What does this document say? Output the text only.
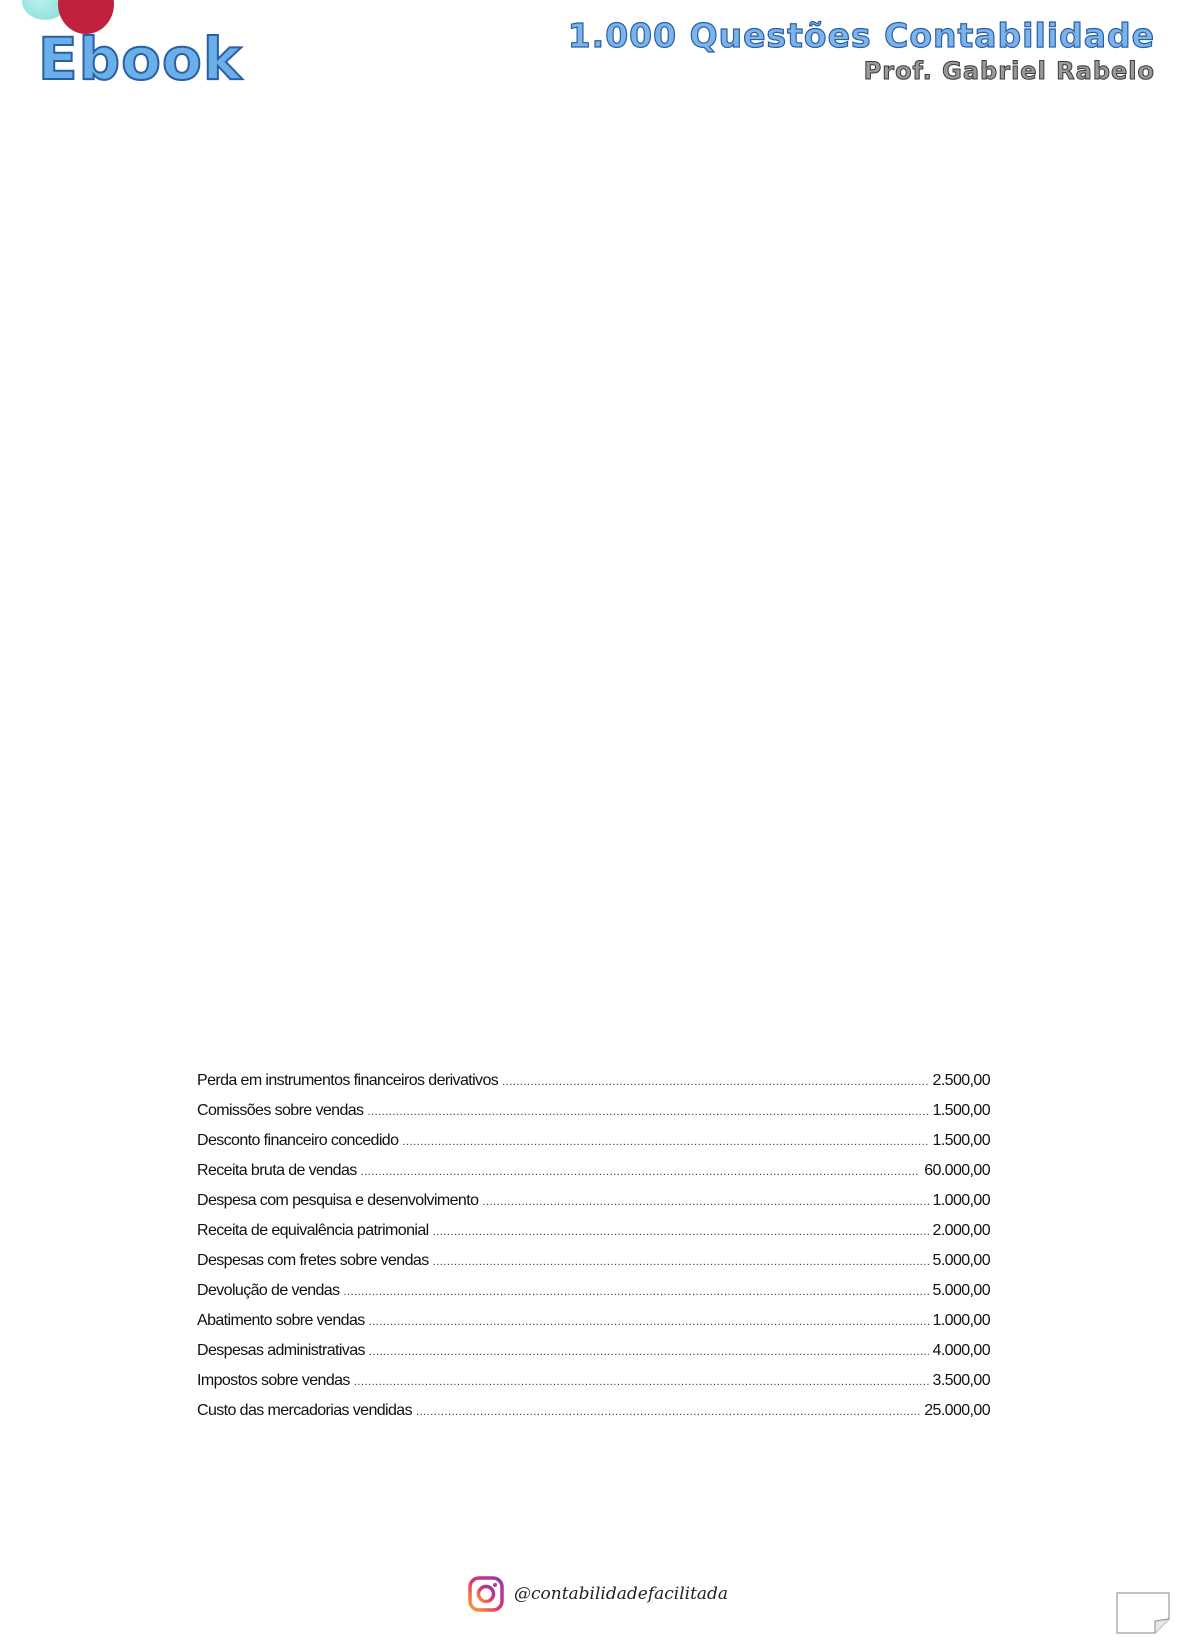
Ebook	1.000 Questões Contabilidade
Prof. Gabriel Rabelo
Perda em instrumentos financeiros derivativos .....	2.500,00
Comissões sobre vendas .....	1.500,00
Desconto financeiro concedido .....	1.500,00
Receita bruta de vendas .....	60.000,00
Despesa com pesquisa e desenvolvimento .....	1.000,00
Receita de equivalência patrimonial .....	2.000,00
Despesas com fretes sobre vendas .....	5.000,00
Devolução de vendas .....	5.000,00
Abatimento sobre vendas .....	1.000,00
Despesas administrativas .....	4.000,00
Impostos sobre vendas .....	3.500,00
Custo das mercadorias vendidas .....	25.000,00
@contabilidadefacilitada
